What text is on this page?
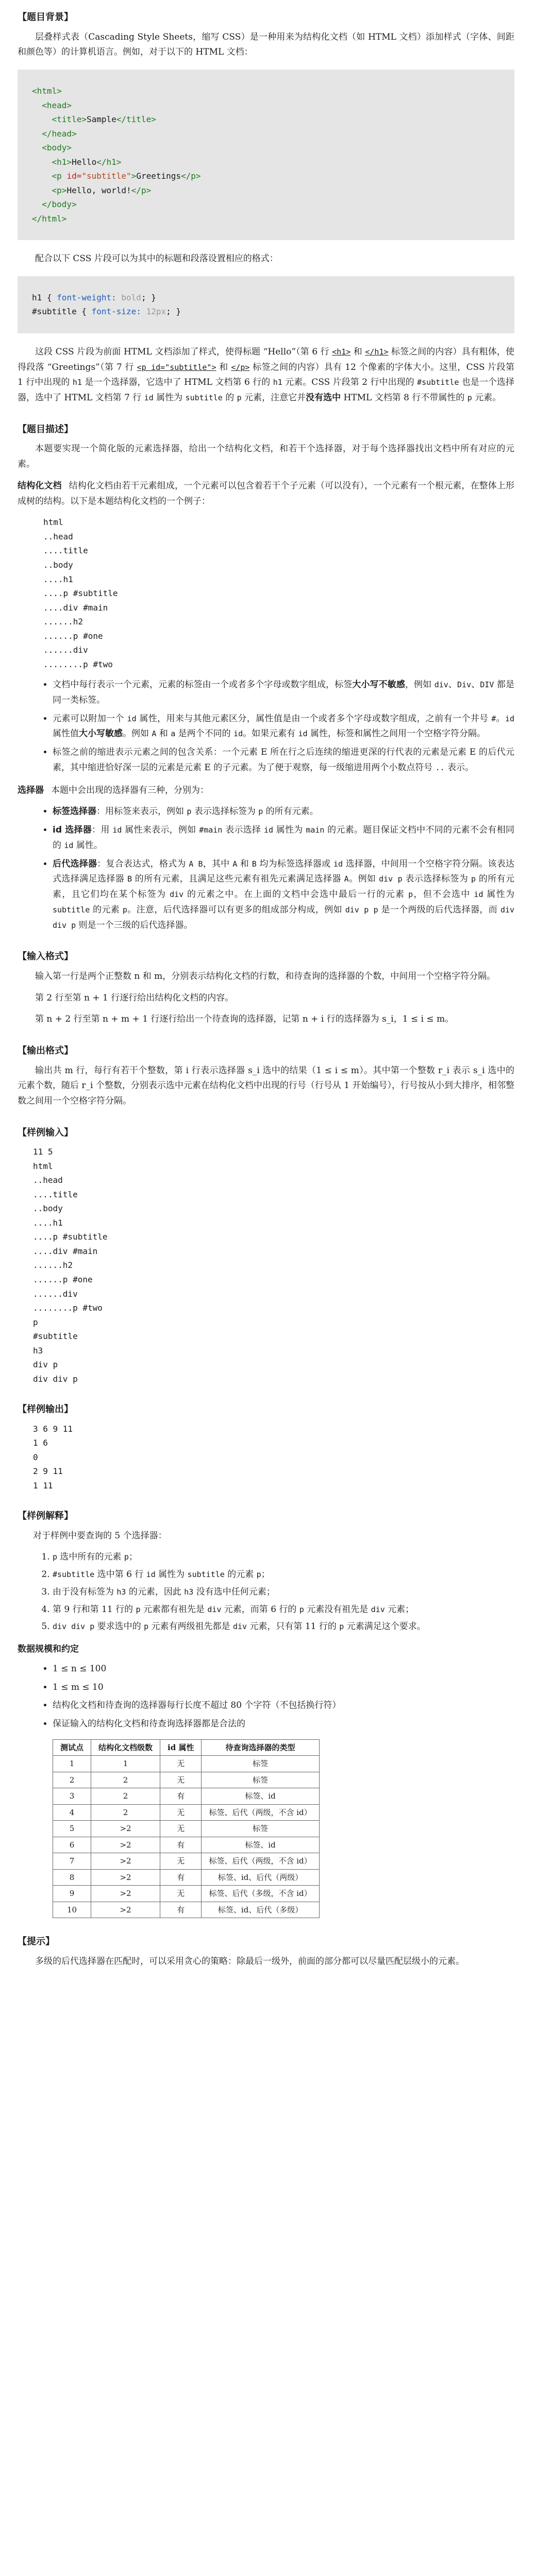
【题目背景】

层叠样式表（Cascading Style Sheets，缩写 CSS）是一种用来为结构化文档（如 HTML 文档）添加样式（字体、间距和颜色等）的计算机语言。例如，对于以下的 HTML 文档：

<html>
<head>
<title>Sample</title>
</head>
<body>
<h1>Hello</h1>
<p id="subtitle">Greetings</p>
<p>Hello, world!</p>
</body>
</html>

配合以下 CSS 片段可以为其中的标题和段落设置相应的格式：

h1 { font-weight: bold; }
#subtitle { font-size: 12px; }

这段 CSS 片段为前面 HTML 文档添加了样式，使得标题 “Hello”（第 6 行 <h1> 和 </h1> 标签之间的内容）具有粗体，使得段落 “Greetings”（第 7 行 <p id="subtitle"> 和 </p> 标签之间的内容）具有 12 个像素的字体大小。这里，CSS 片段第 1 行中出现的 h1 是一个选择器，它选中了 HTML 文档第 6 行的 h1 元素。CSS 片段第 2 行中出现的 #subtitle 也是一个选择器，选中了 HTML 文档第 7 行 id 属性为 subtitle 的 p 元素，注意它并没有选中 HTML 文档第 8 行不带属性的 p 元素。

【题目描述】

本题要实现一个简化版的元素选择器，给出一个结构化文档，和若干个选择器，对于每个选择器找出文档中所有对应的元素。

结构化文档 结构化文档由若干元素组成，一个元素可以包含着若干个子元素（可以没有），一个元素有一个根元素，在整体上形成树的结构。以下是本题结构化文档的一个例子：

html
..head
....title
..body
....h1
....p #subtitle
....div #main
......h2
......p #one
......div
........p #two
• 文档中每行表示一个元素，元素的标签由一个或者多个字母或数字组成，标签大小写不敏感，例如 div、Div、DIV 都是同一类标签。
• 元素可以附加一个 id 属性，用来与其他元素区分，属性值是由一个或者多个字母或数字组成，之前有一个井号 #。id 属性值大小写敏感。例如 A 和 a 是两个不同的 id。如果元素有 id 属性，标签和属性之间用一个空格字符分隔。
• 标签之前的缩进表示元素之间的包含关系：一个元素 E 所在行之后连续的缩进更深的行代表的元素是元素 E 的后代元素，其中缩进恰好深一层的元素是元素 E 的子元素。为了便于观察，每一级缩进用两个小数点符号 .. 表示。

选择器 本题中会出现的选择器有三种，分别为：

• 标签选择器：用标签来表示，例如 p 表示选择标签为 p 的所有元素。
• id 选择器：用 id 属性来表示，例如 #main 表示选择 id 属性为 main 的元素。题目保证文档中不同的元素不会有相同的 id 属性。
• 后代选择器：复合表达式，格式为 A B，其中 A 和 B 均为标签选择器或 id 选择器，中间用一个空格字符分隔。该表达式选择满足选择器 B 的所有元素，且满足这些元素有祖先元素满足选择器 A。例如 div p 表示选择标签为 p 的所有元素，且它们均在某个标签为 div 的元素之中。在上面的文档中会选中最后一行的元素 p，但不会选中 id 属性为 subtitle 的元素 p。注意，后代选择器可以有更多的组成部分构成，例如 div p p 是一个两级的后代选择器，而 div div p 则是一个三级的后代选择器。
【输入格式】

输入第一行是两个正整数 n 和 m，分别表示结构化文档的行数，和待查询的选择器的个数，中间用一个空格字符分隔。

第 2 行至第 n + 1 行逐行给出结构化文档的内容。

第 n + 2 行至第 n + m + 1 行逐行给出一个待查询的选择器，记第 n + i 行的选择器为 s_i，1 ≤ i ≤ m。

【输出格式】

输出共 m 行，每行有若干个整数，第 i 行表示选择器 s_i 选中的结果（1 ≤ i ≤ m）。其中第一个整数 r_i 表示 s_i 选中的元素个数，随后 r_i 个整数，分别表示选中元素在结构化文档中出现的行号（行号从 1 开始编号），行号按从小到大排序，相邻整数之间用一个空格字符分隔。

【样例输入】
11 5
html
..head
....title
..body
....h1
....p #subtitle
....div #main
......h2
......p #one
......div
........p #two
p
#subtitle
h3
div p
div div p
【样例输出】
3 6 9 11
1 6
0
2 9 11
1 11
【样例解释】

对于样例中要查询的 5 个选择器：

1. p 选中所有的元素 p；
2. #subtitle 选中第 6 行 id 属性为 subtitle 的元素 p；
3. 由于没有标签为 h3 的元素，因此 h3 没有选中任何元素；
4. 第 9 行和第 11 行的 p 元素都有祖先是 div 元素，而第 6 行的 p 元素没有祖先是 div 元素；
5. div div p 要求选中的 p 元素有两级祖先都是 div 元素，只有第 11 行的 p 元素满足这个要求。
数据规模和约定
• 1 ≤ n ≤ 100
• 1 ≤ m ≤ 10
• 结构化文档和待查询的选择器每行长度不超过 80 个字符（不包括换行符）
• 保证输入的结构化文档和待查询选择器都是合法的
测试点	结构化文档级数	id 属性	待查询选择器的类型
1	1	无	标签
2	2	无	标签
3	2	有	标签、id
4	2	无	标签、后代（两级，不含 id）
5	>2	无	标签
6	>2	有	标签、id
7	>2	无	标签、后代（两级，不含 id）
8	>2	有	标签、id、后代（两级）
9	>2	无	标签、后代（多级，不含 id）
10	>2	有	标签、id、后代（多级）
【提示】

多级的后代选择器在匹配时，可以采用贪心的策略：除最后一级外，前面的部分都可以尽量匹配层级小的元素。
